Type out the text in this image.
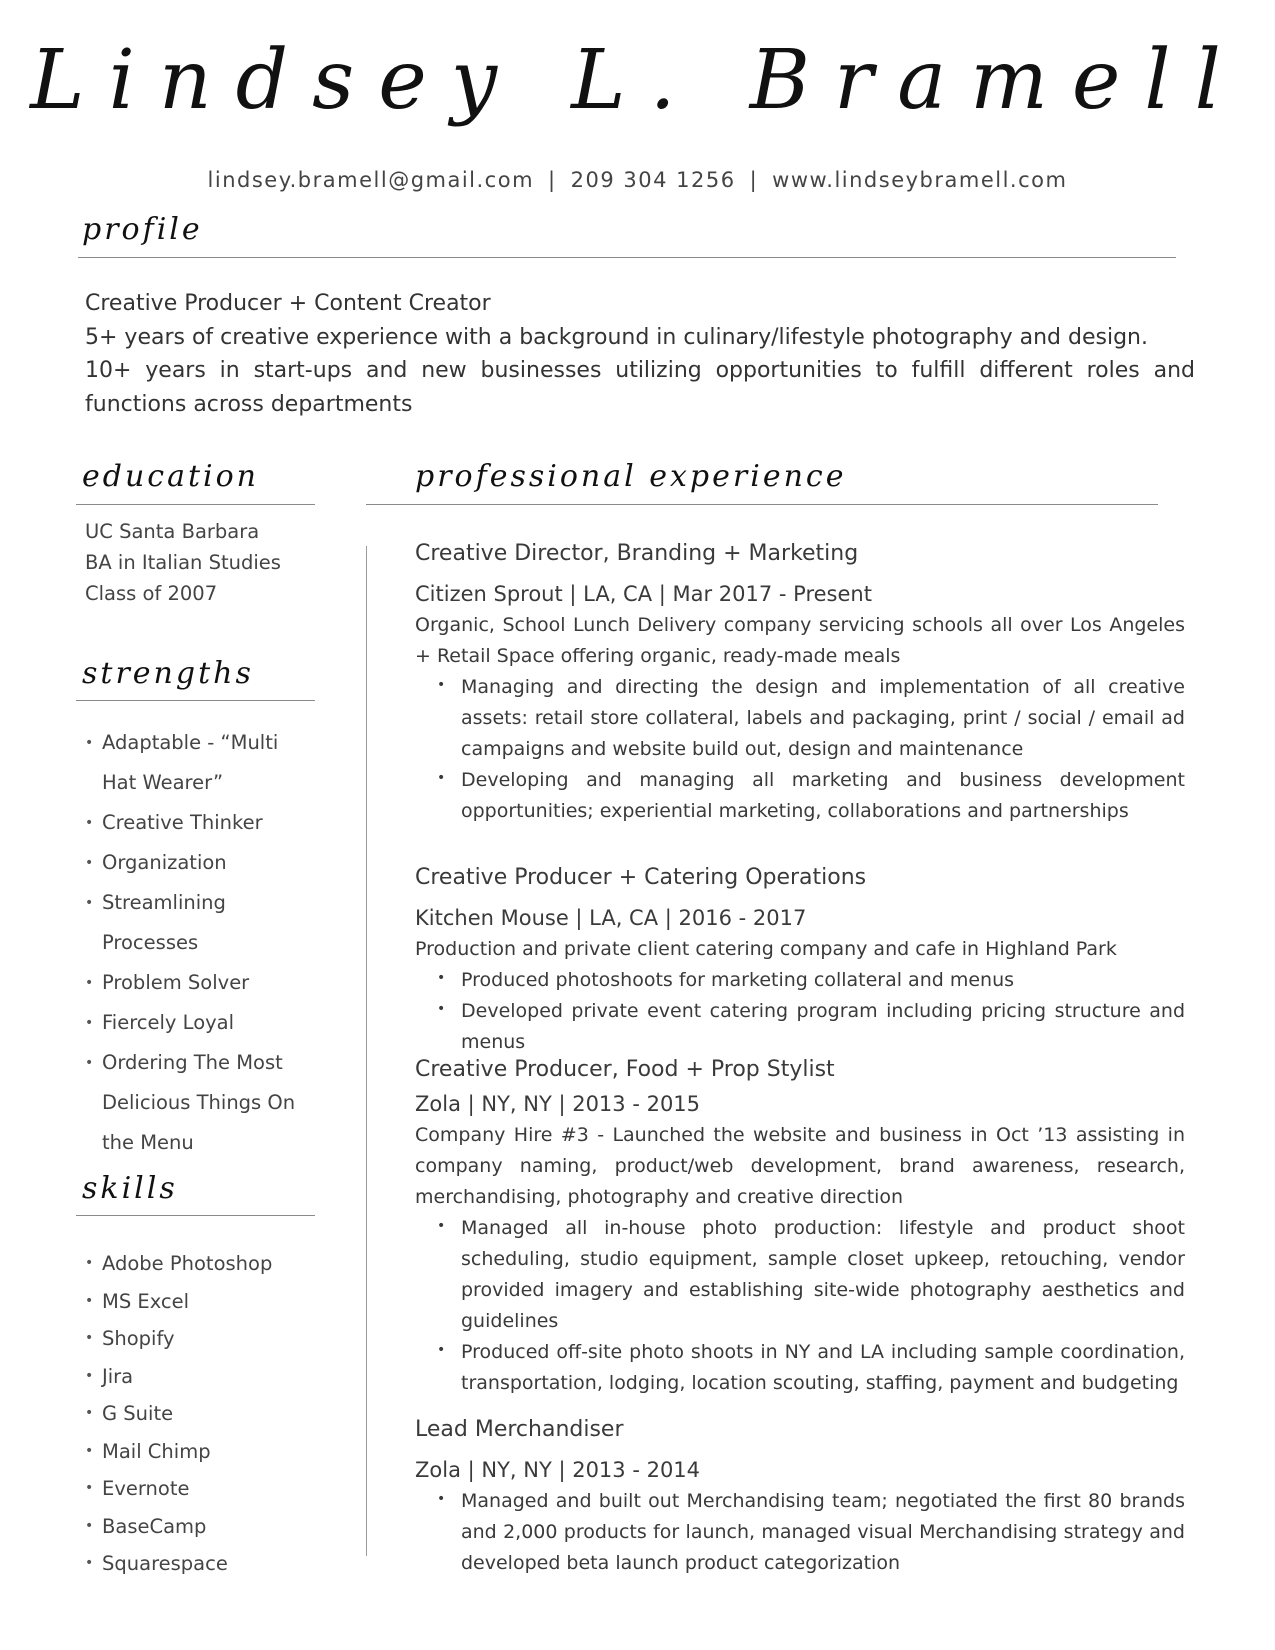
Lindsey L. Bramell
lindsey.bramell@gmail.com | 209 304 1256 | www.lindseybramell.com
profile
Creative Producer + Content Creator
5+ years of creative experience with a background in culinary/lifestyle photography and design.
10+ years in start-ups and new businesses utilizing opportunities to fulfill different roles and functions across departments
education
UC Santa Barbara
BA in Italian Studies
Class of 2007
strengths
• Adaptable - “Multi Hat Wearer”
• Creative Thinker
• Organization
• Streamlining Processes
• Problem Solver
• Fiercely Loyal
• Ordering The Most Delicious Things On the Menu
skills
• Adobe Photoshop
• MS Excel
• Shopify
• Jira
• G Suite
• Mail Chimp
• Evernote
• BaseCamp
• Squarespace
professional experience
Creative Director, Branding + Marketing
Citizen Sprout | LA, CA | Mar 2017 - Present
Organic, School Lunch Delivery company servicing schools all over Los Angeles + Retail Space offering organic, ready-made meals
• Managing and directing the design and implementation of all creative assets: retail store collateral, labels and packaging, print / social / email ad campaigns and website build out, design and maintenance
• Developing and managing all marketing and business development opportunities; experiential marketing, collaborations and partnerships
Creative Producer + Catering Operations
Kitchen Mouse | LA, CA | 2016 - 2017
Production and private client catering company and cafe in Highland Park
• Produced photoshoots for marketing collateral and menus
• Developed private event catering program including pricing structure and menus
Creative Producer, Food + Prop Stylist
Zola | NY, NY | 2013 - 2015
Company Hire #3 - Launched the website and business in Oct ’13 assisting in company naming, product/web development, brand awareness, research, merchandising, photography and creative direction
• Managed all in-house photo production: lifestyle and product shoot scheduling, studio equipment, sample closet upkeep, retouching, vendor provided imagery and establishing site-wide photography aesthetics and guidelines
• Produced off-site photo shoots in NY and LA including sample coordination, transportation, lodging, location scouting, staffing, payment and budgeting
Lead Merchandiser
Zola | NY, NY | 2013 - 2014
• Managed and built out Merchandising team; negotiated the first 80 brands and 2,000 products for launch, managed visual Merchandising strategy and developed beta launch product categorization
